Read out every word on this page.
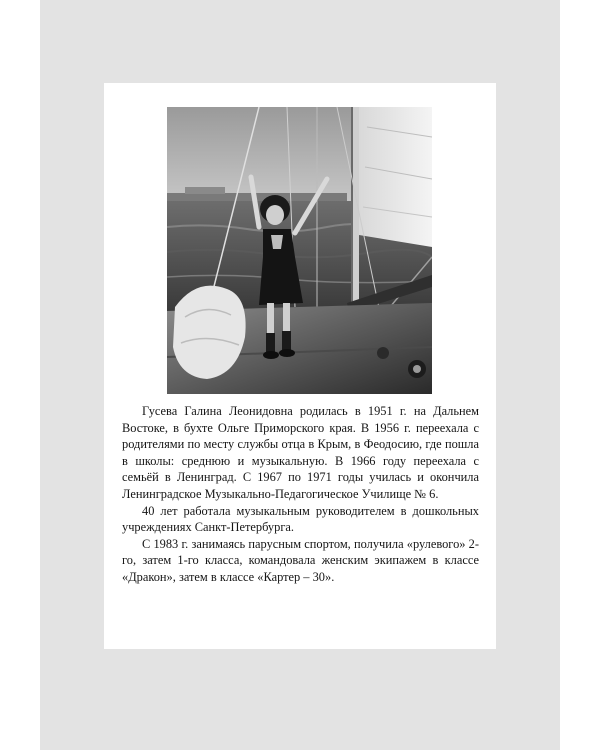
Гусева Галина Леонидовна родилась в 1951 г. на Дальнем Востоке, в бухте Ольге Приморского края. В 1956 г. переехала с родителями по месту службы отца в Крым, в Феодосию, где пошла в школы: среднюю и музыкальную. В 1966 году переехала с семьёй в Ленинград. С 1967 по 1971 годы училась и окончила Ленинградское Музыкально-Педагогическое Училище № 6.

40 лет работала музыкальным руководителем в дошкольных учреждениях Санкт-Петербурга.

С 1983 г. занимаясь парусным спортом, получила «рулевого» 2-го, затем 1-го класса, командовала женским экипажем в классе «Дракон», затем в классе «Картер – 30».
